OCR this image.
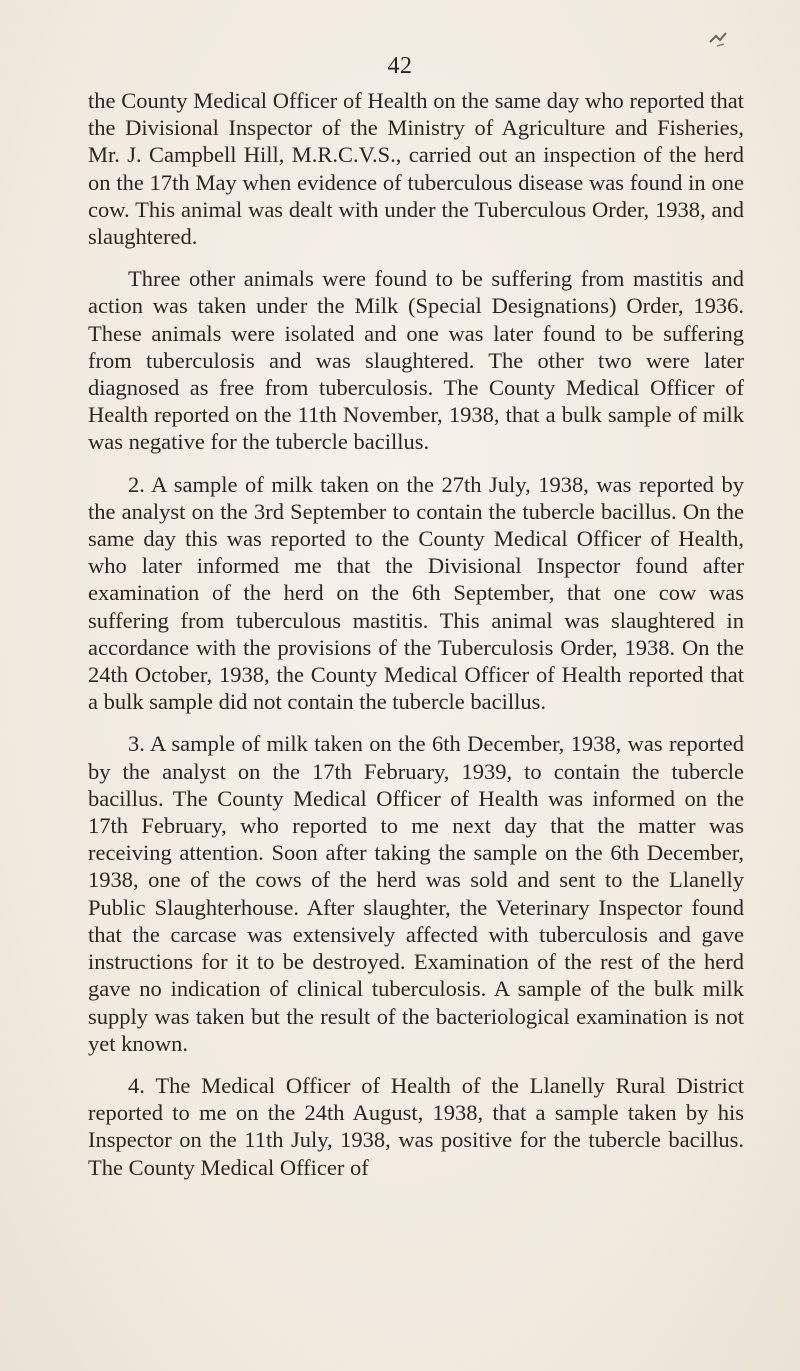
42

the County Medical Officer of Health on the same day who reported that the Divisional Inspector of the Ministry of Agriculture and Fisheries, Mr. J. Campbell Hill, M.R.C.V.S., carried out an inspection of the herd on the 17th May when evidence of tuberculous disease was found in one cow. This animal was dealt with under the Tuberculous Order, 1938, and slaughtered.

Three other animals were found to be suffering from mastitis and action was taken under the Milk (Special Designations) Order, 1936. These animals were isolated and one was later found to be suffering from tuberculosis and was slaughtered. The other two were later diagnosed as free from tuberculosis. The County Medical Officer of Health reported on the 11th November, 1938, that a bulk sample of milk was negative for the tubercle bacillus.

2. A sample of milk taken on the 27th July, 1938, was reported by the analyst on the 3rd September to contain the tubercle bacillus. On the same day this was reported to the County Medical Officer of Health, who later informed me that the Divisional Inspector found after examination of the herd on the 6th September, that one cow was suffering from tuberculous mastitis. This animal was slaughtered in accordance with the provisions of the Tuberculosis Order, 1938. On the 24th October, 1938, the County Medical Officer of Health reported that a bulk sample did not contain the tubercle bacillus.

3. A sample of milk taken on the 6th December, 1938, was reported by the analyst on the 17th February, 1939, to contain the tubercle bacillus. The County Medical Officer of Health was informed on the 17th February, who reported to me next day that the matter was receiving attention. Soon after taking the sample on the 6th December, 1938, one of the cows of the herd was sold and sent to the Llanelly Public Slaughterhouse. After slaughter, the Veterinary Inspector found that the carcase was extensively affected with tuberculosis and gave instructions for it to be destroyed. Examination of the rest of the herd gave no indication of clinical tuberculosis. A sample of the bulk milk supply was taken but the result of the bacteriological examination is not yet known.

4. The Medical Officer of Health of the Llanelly Rural District reported to me on the 24th August, 1938, that a sample taken by his Inspector on the 11th July, 1938, was positive for the tubercle bacillus. The County Medical Officer of
